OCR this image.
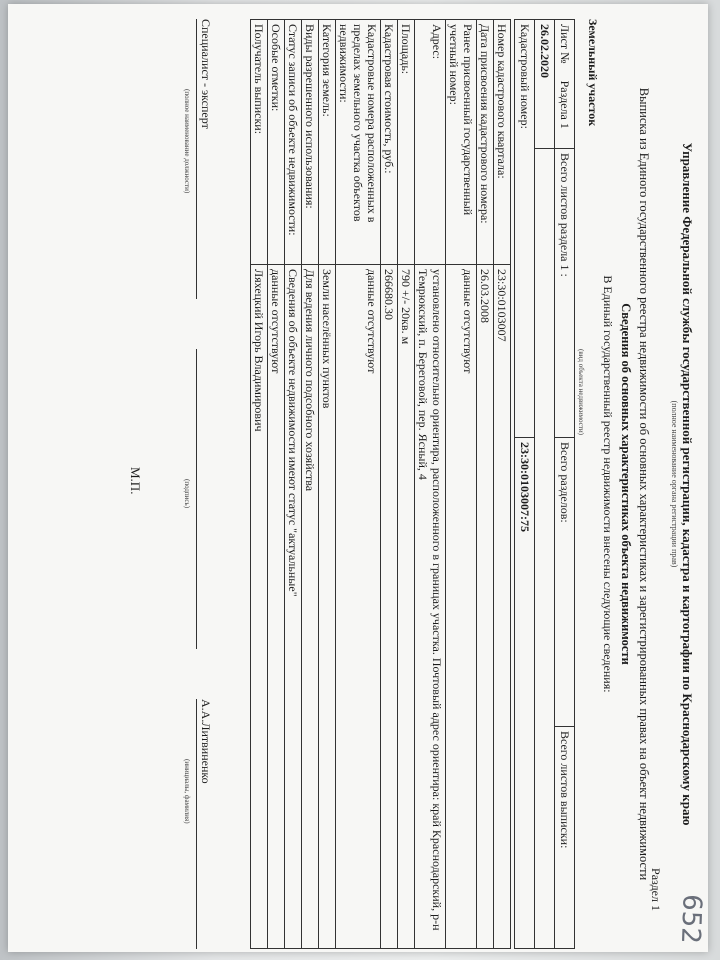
Управление Федеральной службы государственной регистрации, кадастра и картографии по Краснодарскому краю
(полное наименование органа регистрации прав)
Раздел 1
Выписка из Единого государственного реестра недвижимости об основных характеристиках и зарегистрированных правах на объект недвижимости
Сведения об основных характеристиках объекта недвижимости
В Единый государственный реестр недвижимости внесены следующие сведения:
Земельный участок
(вид объекта недвижимости)
Лист № Раздела 1	Всего листов раздела 1 :	Всего разделов:	Всего листов выписки:
26.02.2020			
Кадастровый номер:		23:30:0103007:75	
Номер кадастрового квартала:	23:30:0103007
Дата присвоения кадастрового номера:	26.03.2008
Ранее присвоенный государственный учетный номер:	данные отсутствуют
Адрес:	установлено относительно ориентира, расположенного в границах участка. Почтовый адрес ориентира: край Краснодарский, р-н Темрюкский, п. Береговой, пер. Ясный, 4
Площадь:	790 +/- 20кв. м
Кадастровая стоимость, руб.:	266680.30
Кадастровые номера расположенных в пределах земельного участка объектов недвижимости:	данные отсутствуют
Категория земель:	Земли населённых пунктов
Виды разрешенного использования:	Для ведения личного подсобного хозяйства
Статус записи об объекте недвижимости:	Сведения об объекте недвижимости имеют статус "актуальные"
Особые отметки:	данные отсутствуют
Получатель выписки:	Ляхецкий Игорь Владимирович
Специалист - эксперт
(полное наименование должности)
(подпись)
А.А.Литвиненко
(инициалы, фамилия)
М.П.
652
